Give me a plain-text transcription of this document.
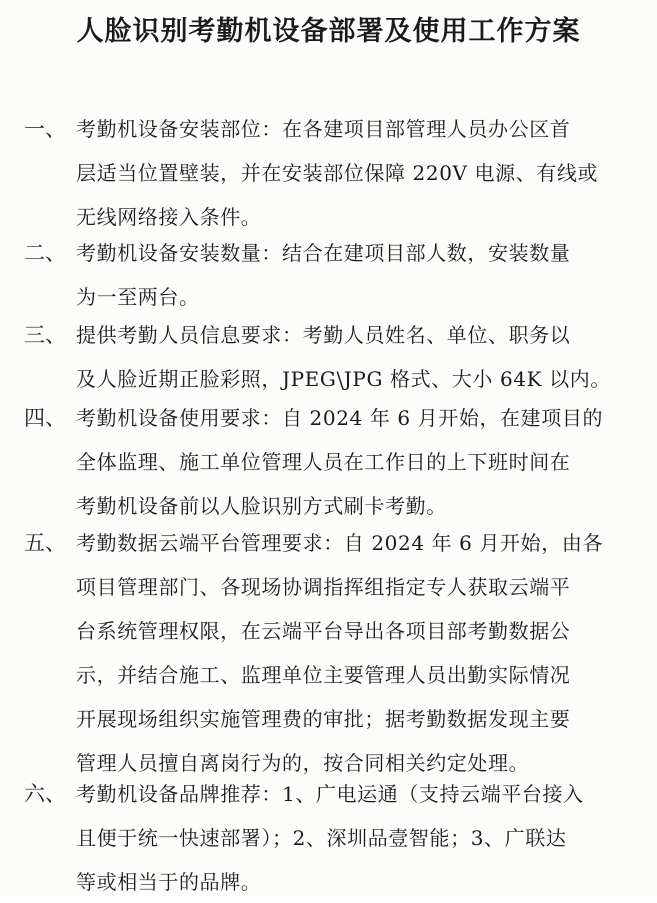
人脸识别考勤机设备部署及使用工作方案
一、 考勤机设备安装部位：在各建项目部管理人员办公区首
层适当位置壁装，并在安装部位保障 220V 电源、有线或
无线网络接入条件。
二、 考勤机设备安装数量：结合在建项目部人数，安装数量
为一至两台。
三、 提供考勤人员信息要求：考勤人员姓名、单位、职务以
及人脸近期正脸彩照，JPEG\JPG 格式、大小 64K 以内。
四、 考勤机设备使用要求：自 2024 年 6 月开始，在建项目的
全体监理、施工单位管理人员在工作日的上下班时间在
考勤机设备前以人脸识别方式刷卡考勤。
五、 考勤数据云端平台管理要求：自 2024 年 6 月开始，由各
项目管理部门、各现场协调指挥组指定专人获取云端平
台系统管理权限，在云端平台导出各项目部考勤数据公
示，并结合施工、监理单位主要管理人员出勤实际情况
开展现场组织实施管理费的审批；据考勤数据发现主要
管理人员擅自离岗行为的，按合同相关约定处理。
六、 考勤机设备品牌推荐：1、广电运通（支持云端平台接入
且便于统一快速部署）；2、深圳品壹智能；3、广联达
等或相当于的品牌。
